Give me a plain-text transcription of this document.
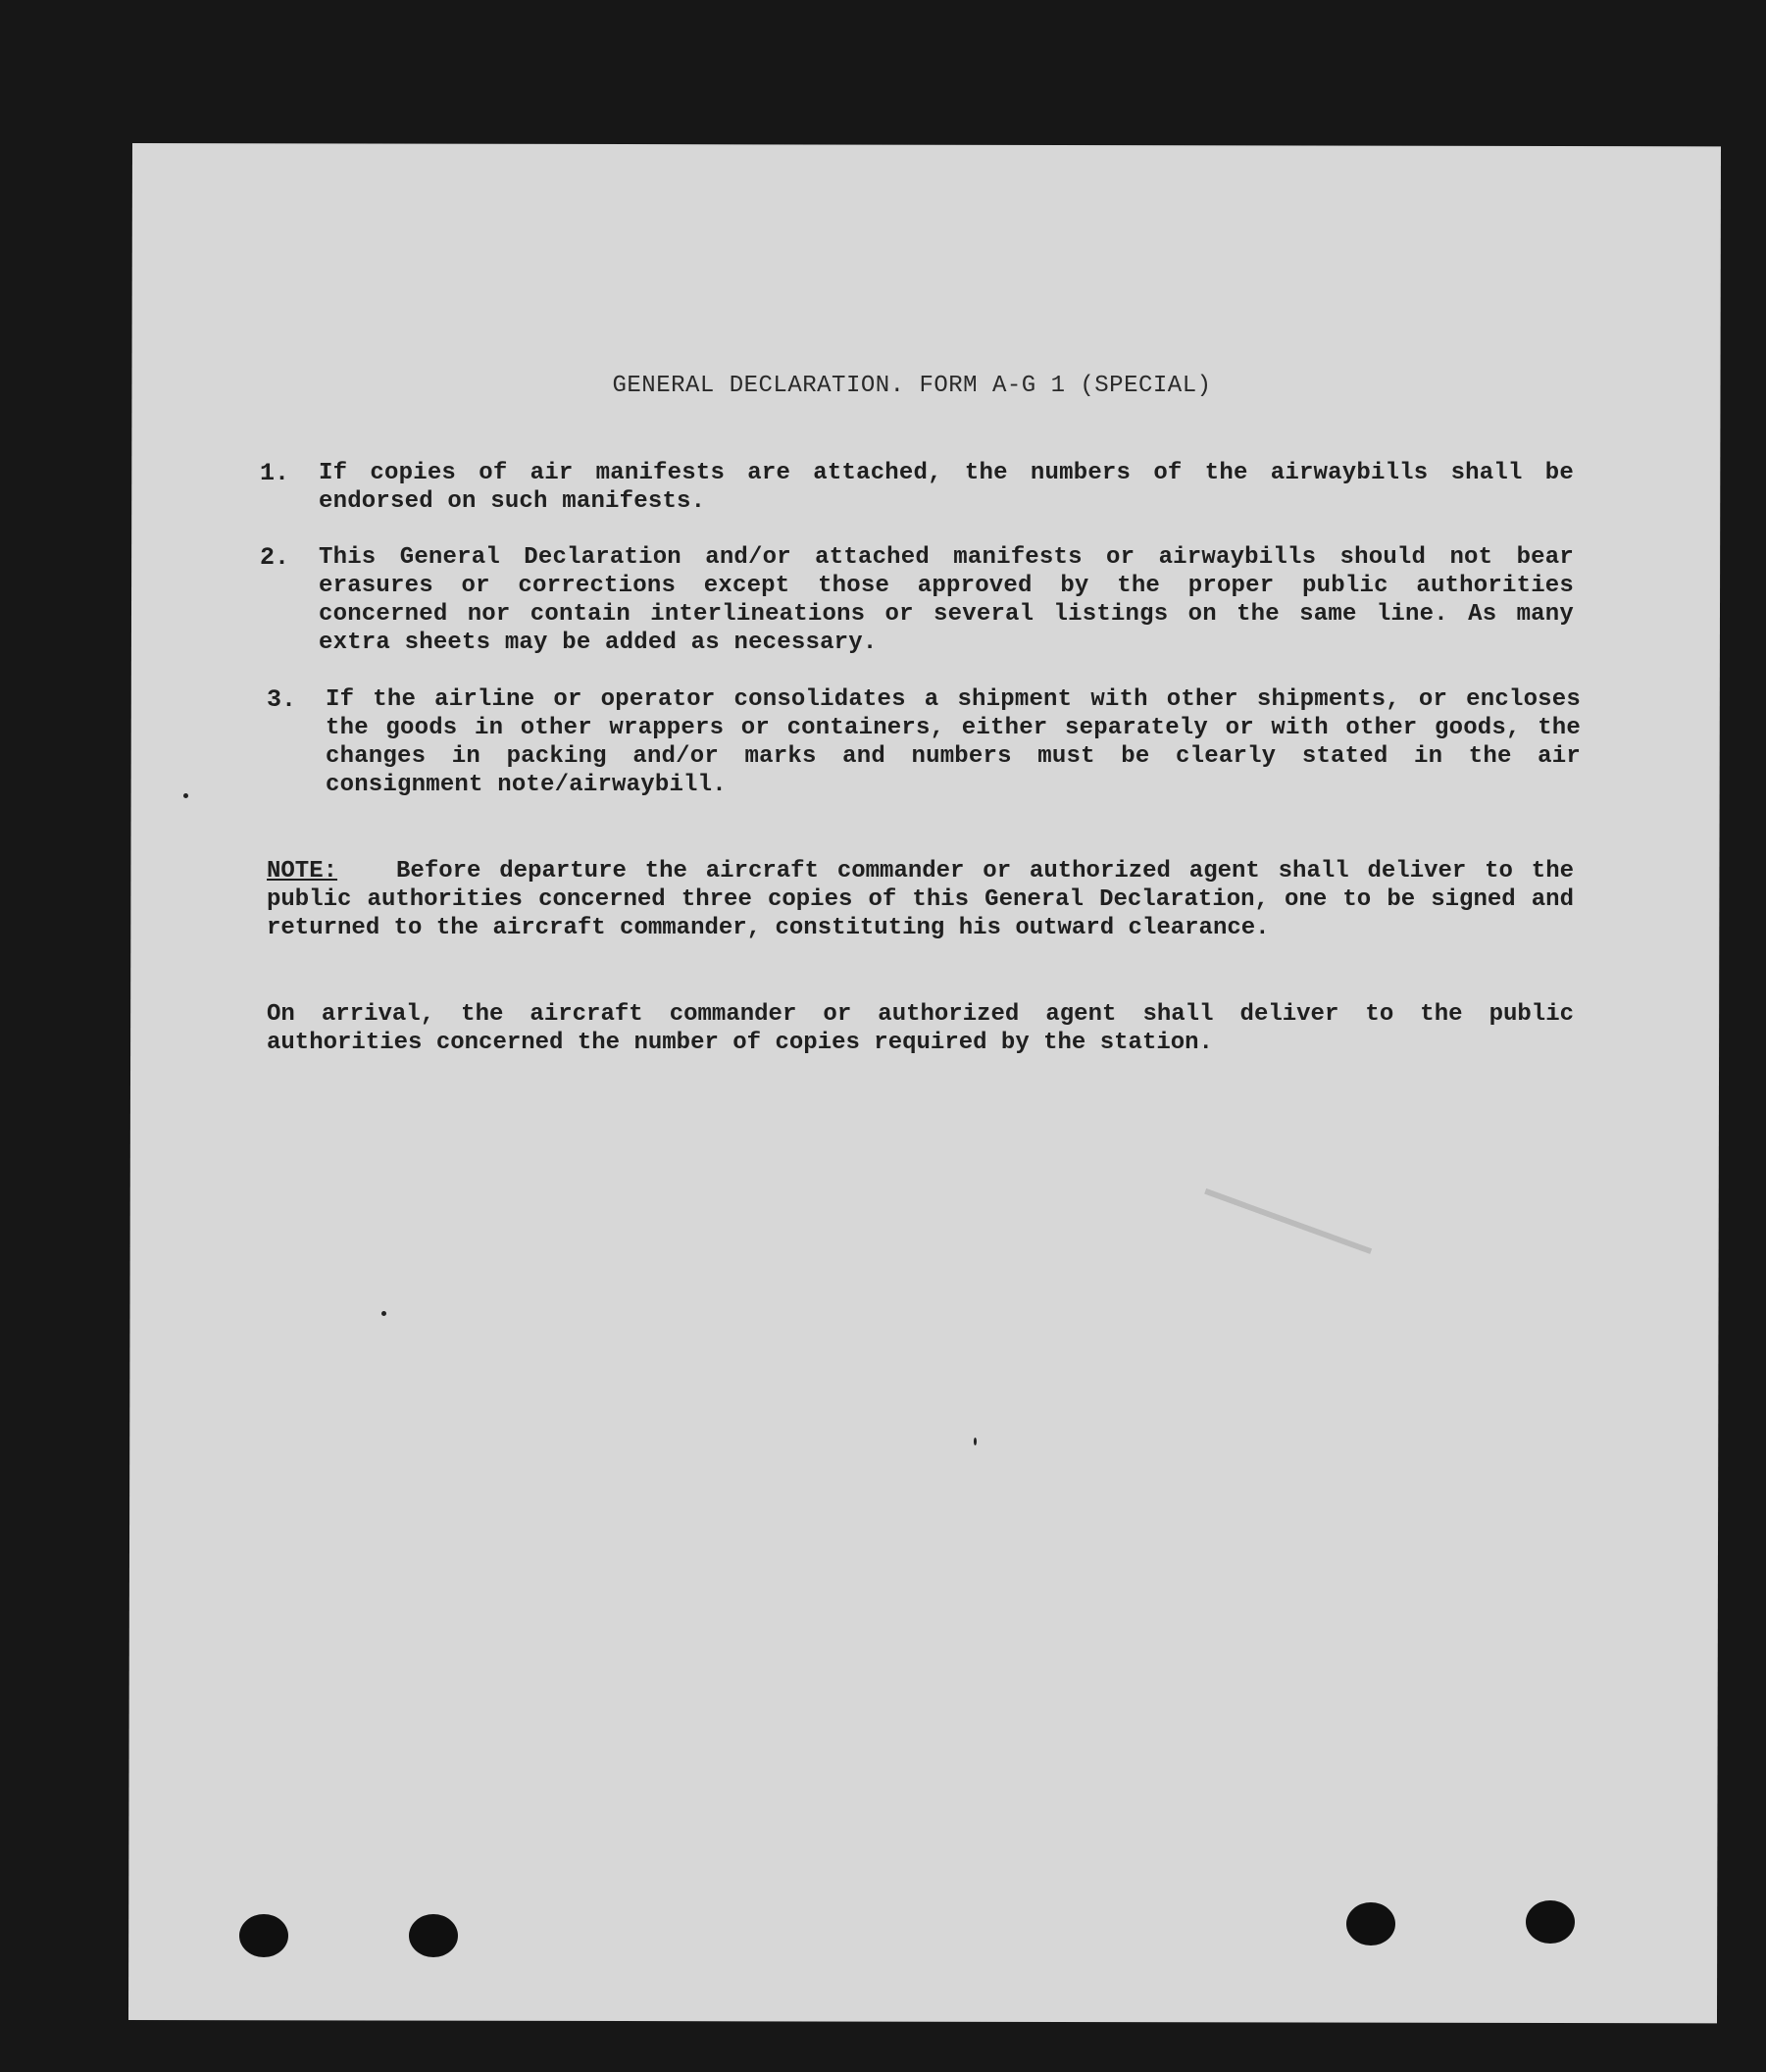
GENERAL DECLARATION. FORM A-G 1 (SPECIAL)
1. If copies of air manifests are attached, the numbers of the airwaybills shall be endorsed on such manifests.
2. This General Declaration and/or attached manifests or airwaybills should not bear erasures or corrections except those approved by the proper public authorities concerned nor contain interlineations or several listings on the same line. As many extra sheets may be added as necessary.
3. If the airline or operator consolidates a shipment with other shipments, or encloses the goods in other wrappers or containers, either separately or with other goods, the changes in packing and/or marks and numbers must be clearly stated in the air consignment note/airwaybill.
NOTE:	Before departure the aircraft commander or authorized agent shall deliver to the public authorities concerned three copies of this General Declaration, one to be signed and returned to the aircraft commander, constituting his outward clearance.
On arrival, the aircraft commander or authorized agent shall deliver to the public authorities concerned the number of copies required by the station.
